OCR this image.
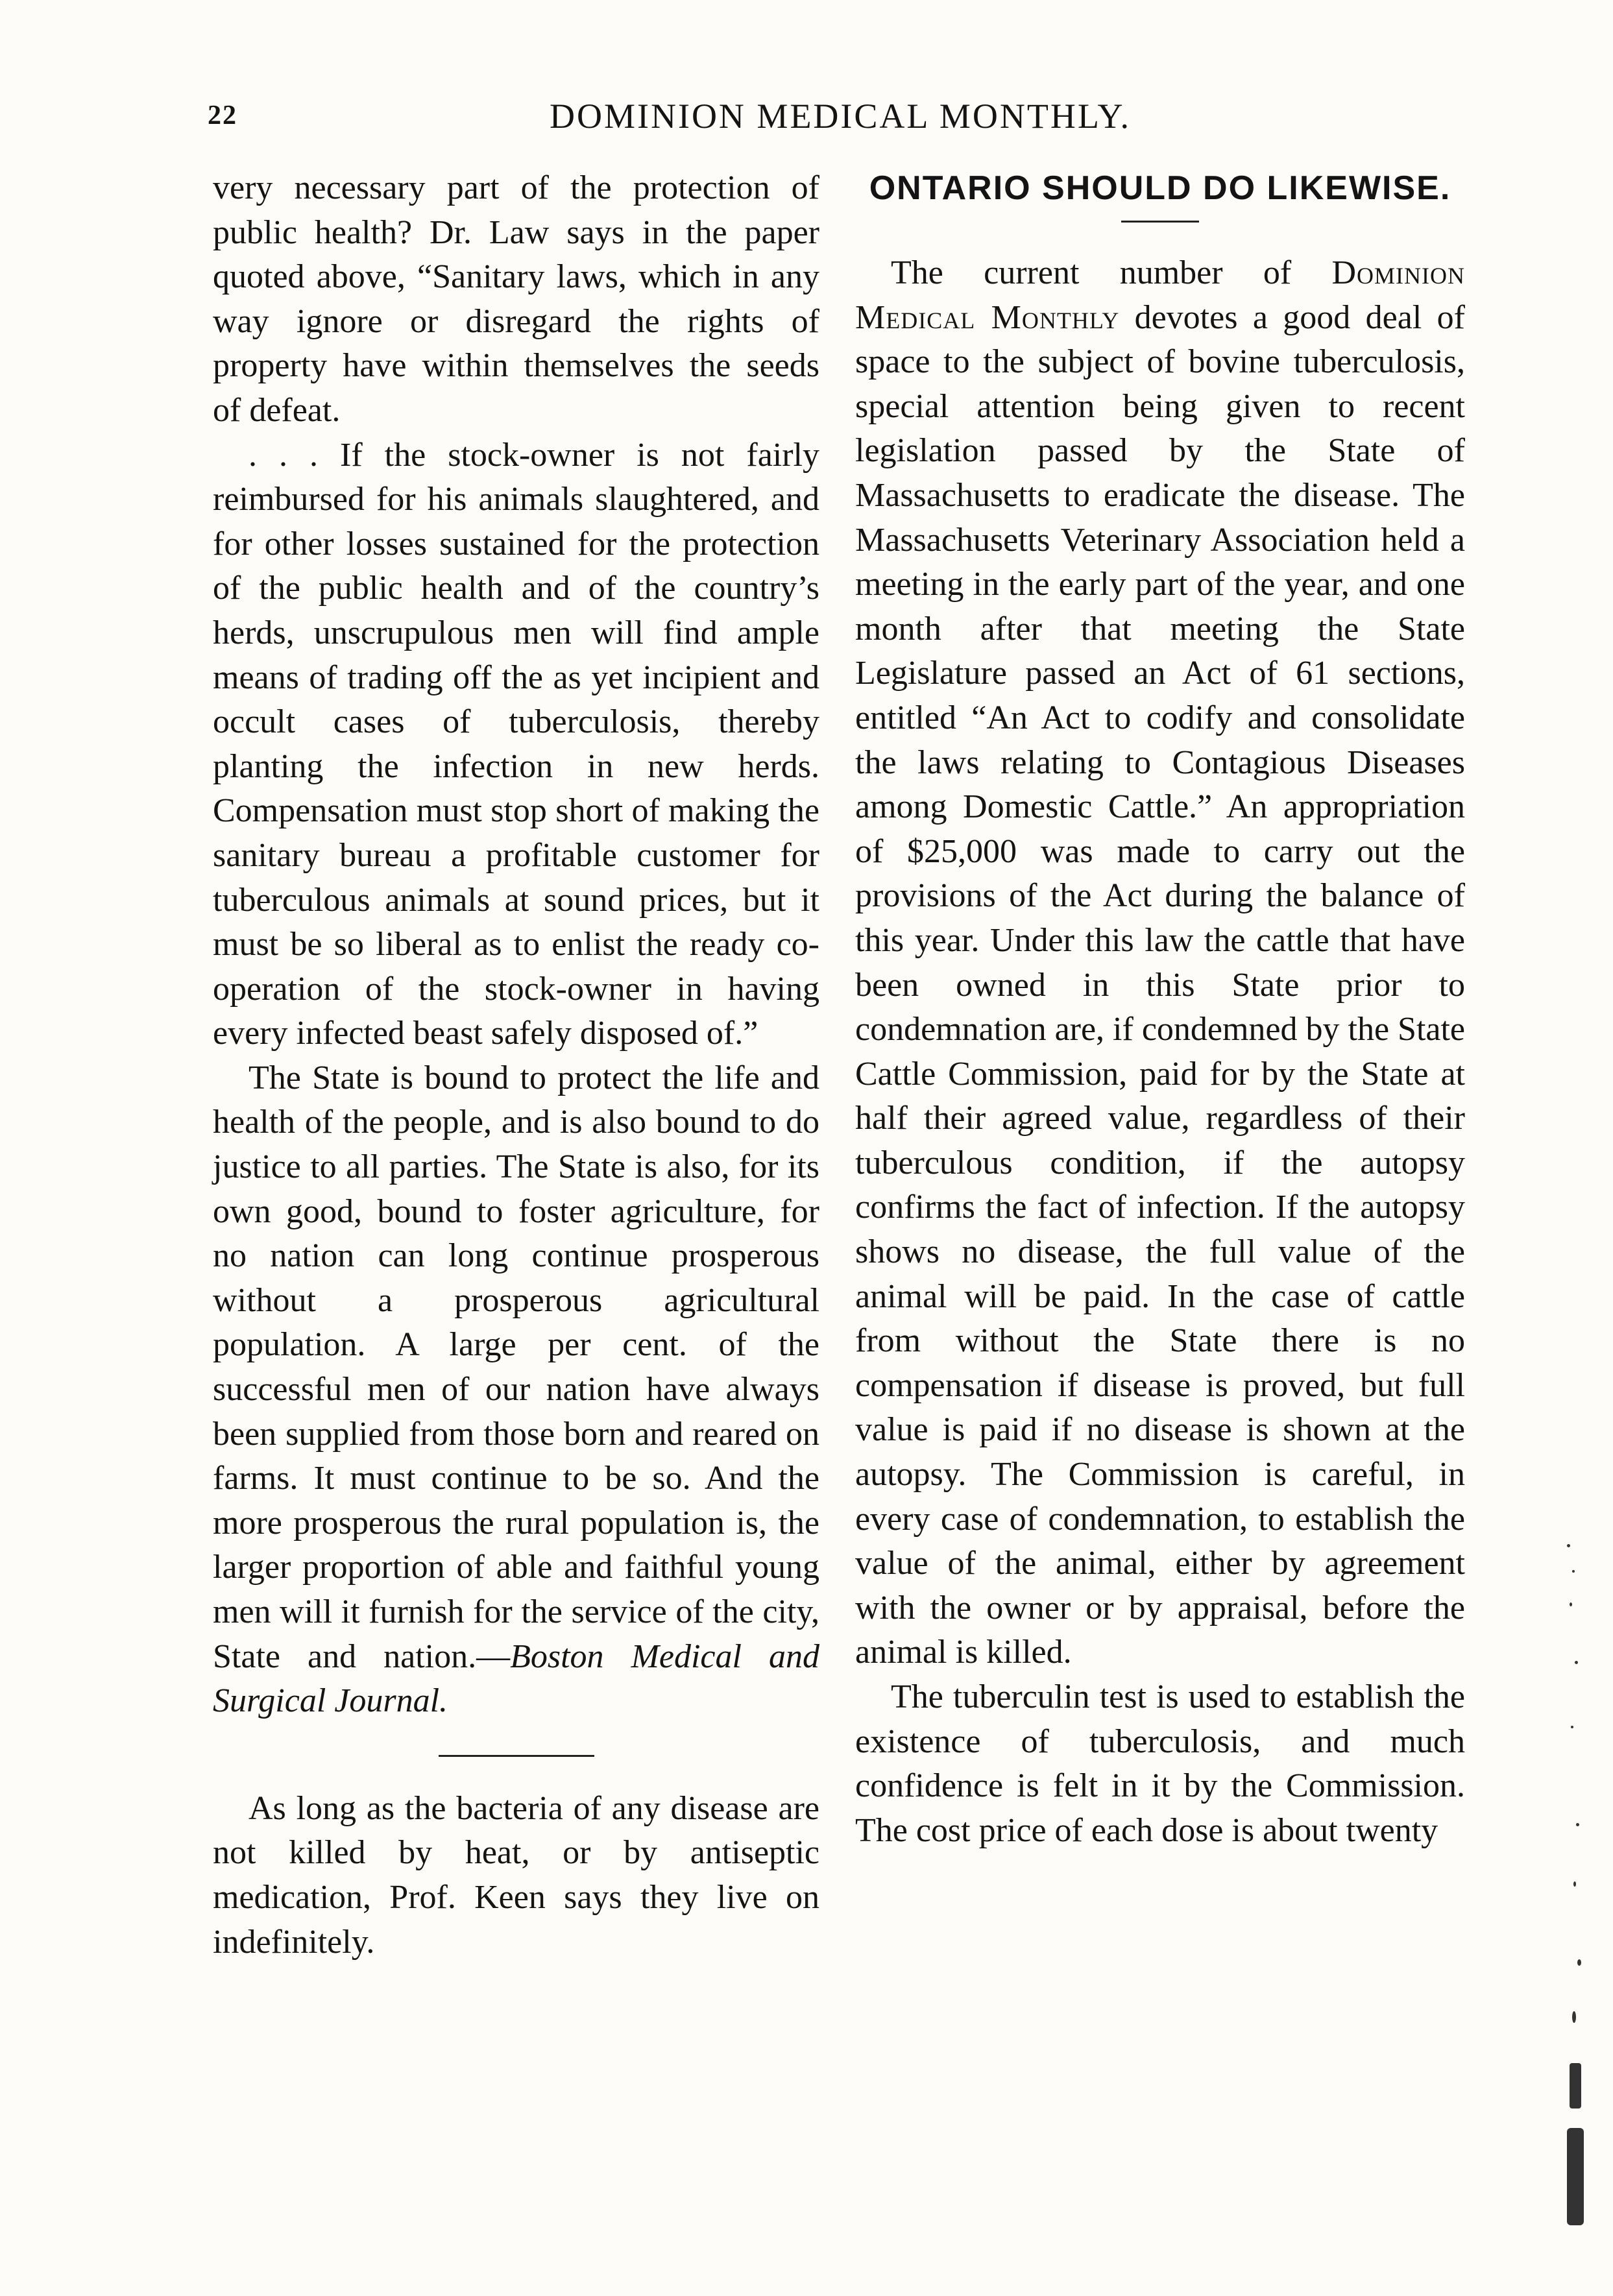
22	DOMINION MEDICAL MONTHLY.

very necessary part of the protection of public health? Dr. Law says in the paper quoted above, “Sanitary laws, which in any way ignore or disregard the rights of property have within themselves the seeds of defeat.

. . . If the stock-owner is not fairly reimbursed for his animals slaughtered, and for other losses sustained for the protection of the public health and of the country’s herds, unscrupulous men will find ample means of trading off the as yet incipient and occult cases of tuberculosis, thereby planting the infection in new herds. Compensation must stop short of making the sanitary bureau a profitable customer for tuberculous animals at sound prices, but it must be so liberal as to enlist the ready co-operation of the stock-owner in having every infected beast safely disposed of.”

The State is bound to protect the life and health of the people, and is also bound to do justice to all parties. The State is also, for its own good, bound to foster agriculture, for no nation can long continue prosperous without a prosperous agricultural population. A large per cent. of the successful men of our nation have always been supplied from those born and reared on farms. It must continue to be so. And the more prosperous the rural population is, the larger proportion of able and faithful young men will it furnish for the service of the city, State and nation.—Boston Medical and Surgical Journal.

As long as the bacteria of any disease are not killed by heat, or by antiseptic medication, Prof. Keen says they live on indefinitely.

ONTARIO SHOULD DO LIKEWISE.

The current number of Dominion Medical Monthly devotes a good deal of space to the subject of bovine tuberculosis, special attention being given to recent legislation passed by the State of Massachusetts to eradicate the disease. The Massachusetts Veterinary Association held a meeting in the early part of the year, and one month after that meeting the State Legislature passed an Act of 61 sections, entitled “An Act to codify and consolidate the laws relating to Contagious Diseases among Domestic Cattle.” An appropriation of $25,000 was made to carry out the provisions of the Act during the balance of this year. Under this law the cattle that have been owned in this State prior to condemnation are, if condemned by the State Cattle Commission, paid for by the State at half their agreed value, regardless of their tuberculous condition, if the autopsy confirms the fact of infection. If the autopsy shows no disease, the full value of the animal will be paid. In the case of cattle from without the State there is no compensation if disease is proved, but full value is paid if no disease is shown at the autopsy. The Commission is careful, in every case of condemnation, to establish the value of the animal, either by agreement with the owner or by appraisal, before the animal is killed.

The tuberculin test is used to establish the existence of tuberculosis, and much confidence is felt in it by the Commission. The cost price of each dose is about twenty
